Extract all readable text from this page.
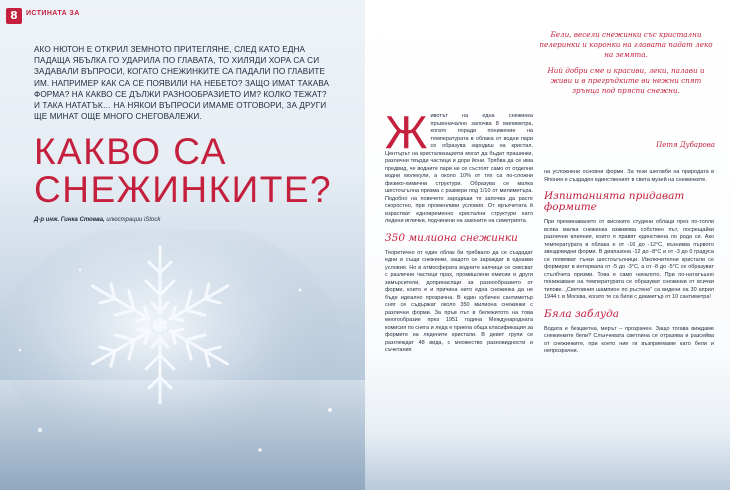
8	ИСТИНАТА ЗА
АКО НЮТОН Е ОТКРИЛ ЗЕМНОТО ПРИТЕГЛЯНЕ, СЛЕД КАТО ЕДНА ПАДАЩА ЯБЪЛКА ГО УДАРИЛА ПО ГЛАВАТА, ТО ХИЛЯДИ ХОРА СА СИ ЗАДАВАЛИ ВЪПРОСИ, КОГАТО СНЕЖИНКИТЕ СА ПАДАЛИ ПО ГЛАВИТЕ ИМ. НАПРИМЕР КАК СА СЕ ПОЯВИЛИ НА НЕБЕТО? ЗАЩО ИМАТ ТАКАВА ФОРМА? НА КАКВО СЕ ДЪЛЖИ РАЗНООБРАЗИЕТО ИМ? КОЛКО ТЕЖАТ? И ТАКА НАТАТЪК… НА НЯКОИ ВЪПРОСИ ИМАМЕ ОТГОВОРИ, ЗА ДРУГИ ЩЕ МИНАТ ОЩЕ МНОГО СНЕГОВАЛЕЖИ.
КАКВО СА
СНЕЖИНКИТЕ?
Д-р инж. Гинка Стоева, илюстрации iStock
Бели, весели снежинки със кристални пелеринки и коронки на главата падат леко на земята.
Ний добри сме и красиви, леки, палави и живи и в прегръдките ви нежни спят зрънца под пряспи снежни.
Петя Дубарова
Ж ивотът на една снежинка пръвоначално започва 8 милиметра, когато поради понижение на температурата в облака от водни пари се образува зародиш на кристал. Центърът на кристализацията могат да бъдат прашинки, различни твърди частици и дори йони. Трябва да се има предвид, че водните пари не се състоят само от отделни водни молекули, а около 10% от тях са по-сложни физико-химични структури. Образува се малка шестоъгълна призма с размери под 1/10 от милиметъра. Подобно на повечето зародиши тя започва да расте скоростно, при променливи условия. От връхчетата й израстват едновременно кристални структури като ледени иглички, подчинени на законите на симетрията.

350 милиона снежинки

Теоретично от един облак би трябвало да се създадат едни и същи снежинки, защото се зараждат в еднакви условия. Но в атмосферата водните капчици се смесват с различни частици прах, промишлени емисии и други замърсители, допринасящи за разнообразието от форми, които е и причина нито една снежинка да не бъде идеално прозрачна. В един кубичен сантиметър сняг се съдържат около 350 милиона снежинки с различни форми. За пръв път в бележитото на това многообразие през 1951 година Международната комисия по снега и леда е приела обща класификация за формите на ледените кристали. В девет групи се разглеждат 48 вида, с множество разновидности и съчетания

на усложнени основни форми. За тези шеговби на природата в Япония е създаден единственият в света музей на снежинките.

Изпитанията придават формите

При преминаването от високите студени облаци през по-топли всяка малка снежинка изживява собствен път, посрещайки различни влияния, които я правят единствена по рода си. Ако температурата в облака е от -16 до -12°C, възниква първото звездовидни форми. В диапазона -12 до -8°C и от -3 до 0 градуса се появяват тънки шестоъгълници. Изключителни кристали се формират в интервала от -5 до -3°C, а от -8 до -5°C се образуват стълбчета призми. Това е само началото. При по-нататъшно понижаване на температурата се образуват снежинки от всички типове. „Световния шампион по ръстене" са видени на 30 април 1944 г. в Москва, когато те са били с диаметър от 10 сантиметра!

Бяла заблуда

Водата е безцветна, мерът – прозрачен. Защо тогава виждаме снежинките бели? Слънчевата светлина се отразява и разсейва от снежинките, при което ние ги възприемаме като бели и непрозрачни.
